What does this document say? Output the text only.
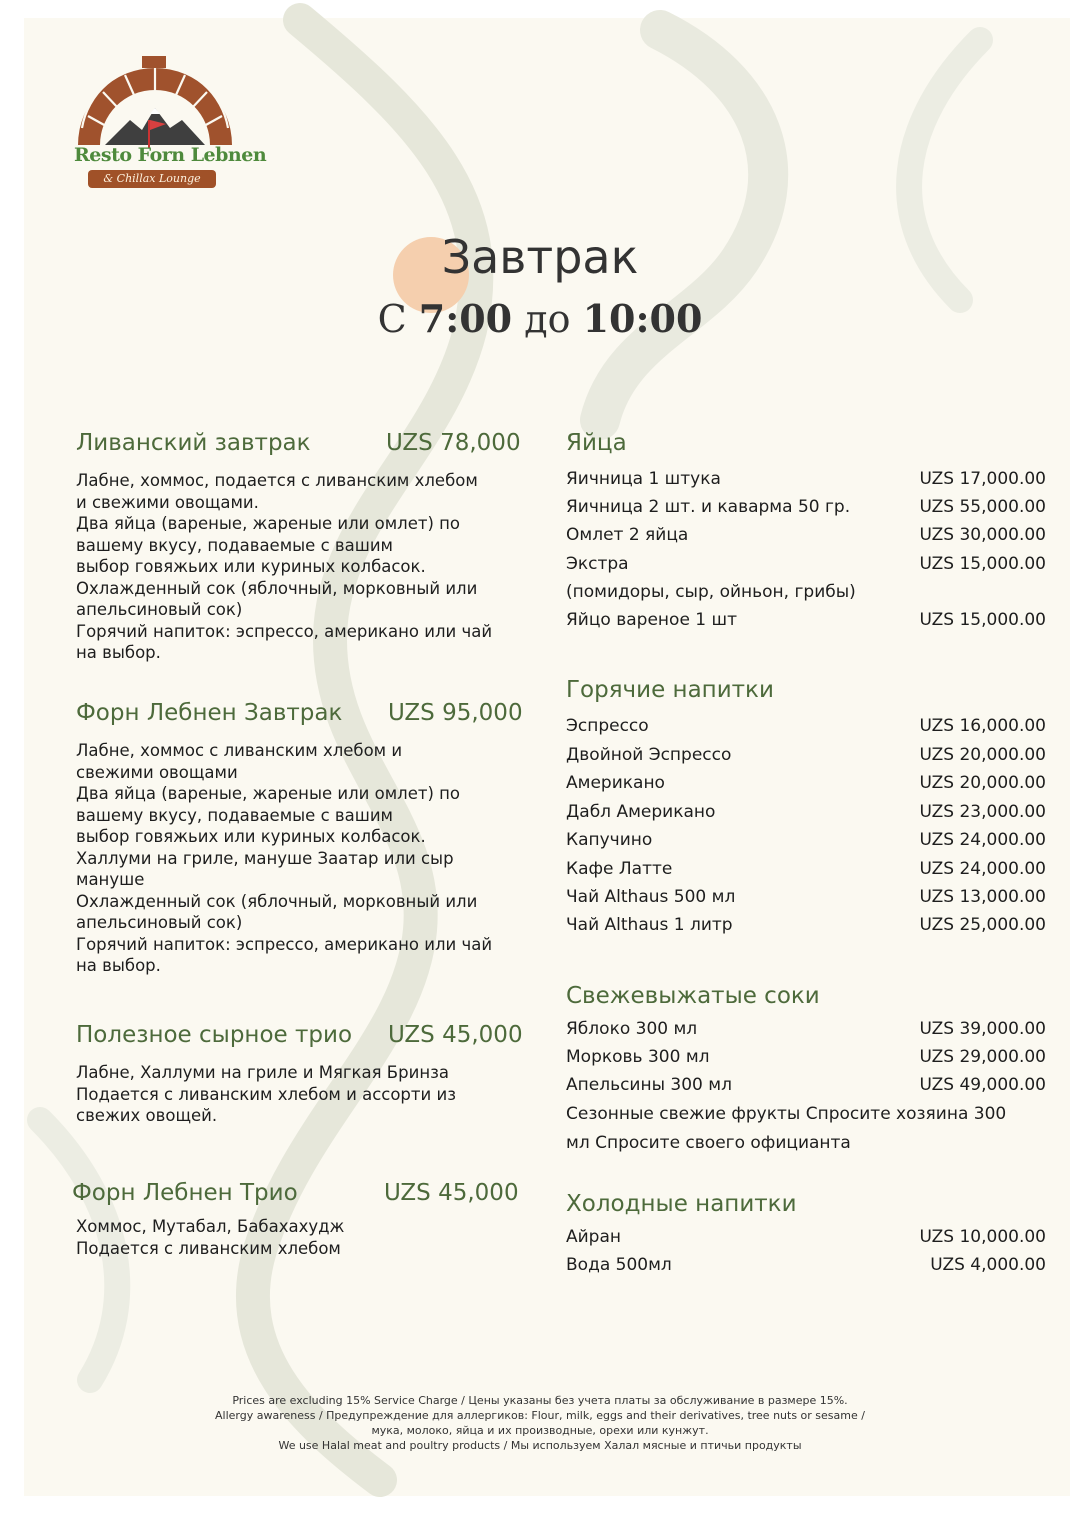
Resto Forn Lebnen
& Chillax Lounge
Завтрак
С 7:00 до 10:00
Ливанский завтрак	UZS 78,000
Лабне, хоммос, подается с ливанским хлебом
и свежими овощами.
Два яйца (вареные, жареные или омлет) по
вашему вкусу, подаваемые с вашим
выбор говяжьих или куриных колбасок.
Охлажденный сок (яблочный, морковный или
апельсиновый сок)
Горячий напиток: эспрессо, американо или чай
на выбор.
Форн Лебнен Завтрак	UZS 95,000
Лабне, хоммос с ливанским хлебом и
свежими овощами
Два яйца (вареные, жареные или омлет) по
вашему вкусу, подаваемые с вашим
выбор говяжьих или куриных колбасок.
Халлуми на гриле, мануше Заатар или сыр
мануше
Охлажденный сок (яблочный, морковный или
апельсиновый сок)
Горячий напиток: эспрессо, американо или чай
на выбор.
Полезное сырное трио	UZS 45,000
Лабне, Халлуми на гриле и Мягкая Бринза
Подается с ливанским хлебом и ассорти из
свежих овощей.
Форн Лебнен Трио	UZS 45,000
Хоммос, Мутабал, Бабахахудж
Подается с ливанским хлебом
Яйца
Яичница 1 штука	UZS 17,000.00
Яичница 2 шт. и каварма 50 гр.	UZS 55,000.00
Омлет 2 яйца	UZS 30,000.00
Экстра	UZS 15,000.00
(помидоры, сыр, ойньон, грибы)
Яйцо вареное 1 шт	UZS 15,000.00
Горячие напитки
Эспрессо	UZS 16,000.00
Двойной Эспрессо	UZS 20,000.00
Американо	UZS 20,000.00
Дабл Американо	UZS 23,000.00
Капучино	UZS 24,000.00
Кафе Латте	UZS 24,000.00
Чай Althaus 500 мл	UZS 13,000.00
Чай Althaus 1 литр	UZS 25,000.00
Свежевыжатые соки
Яблоко 300 мл	UZS 39,000.00
Морковь 300 мл	UZS 29,000.00
Апельсины 300 мл	UZS 49,000.00
Сезонные свежие фрукты Спросите хозяина 300
мл Спросите своего официанта
Холодные напитки
Айран	UZS 10,000.00
Вода 500мл	UZS 4,000.00
Prices are excluding 15% Service Charge / Цены указаны без учета платы за обслуживание в размере 15%.
Allergy awareness / Предупреждение для аллергиков: Flour, milk, eggs and their derivatives, tree nuts or sesame /
мука, молоко, яйца и их производные, орехи или кунжут.
We use Halal meat and poultry products / Мы используем Халал мясные и птичьи продукты
